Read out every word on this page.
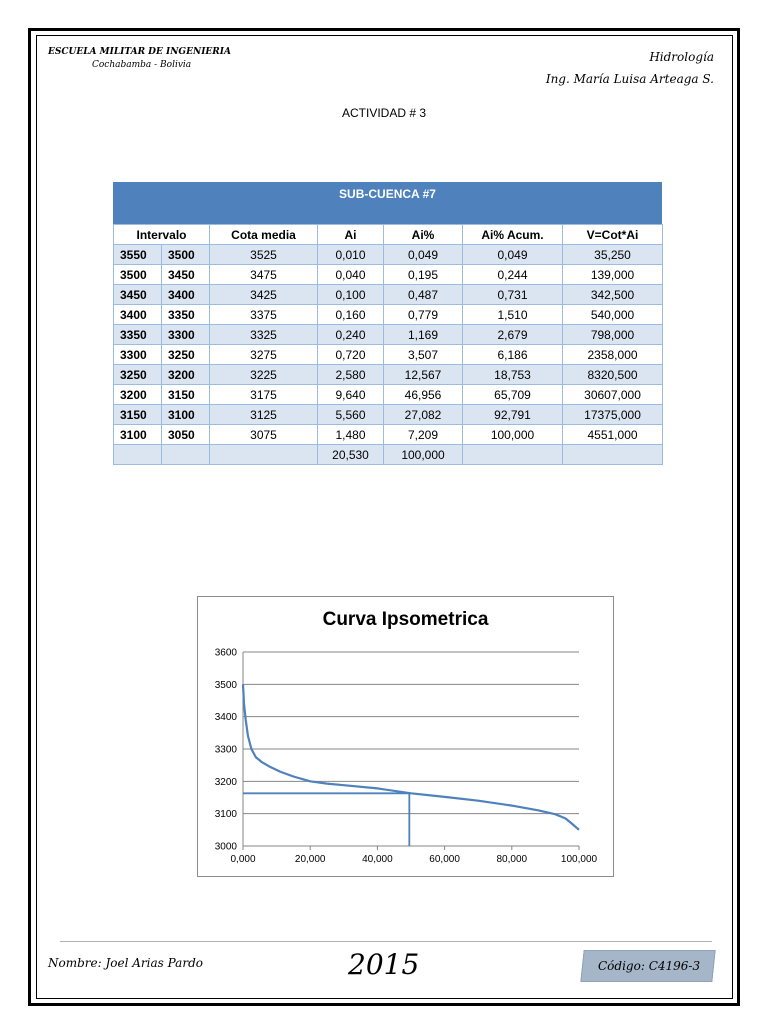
ESCUELA MILITAR DE INGENIERIA
Cochabamba - Bolivia
Hidrología
Ing. María Luisa Arteaga S.
ACTIVIDAD # 3
SUB-CUENCA #7
Intervalo		Cota media	Ai	Ai%	Ai% Acum.	V=Cot*Ai
3550	3500	3525	0,010	0,049	0,049	35,250
3500	3450	3475	0,040	0,195	0,244	139,000
3450	3400	3425	0,100	0,487	0,731	342,500
3400	3350	3375	0,160	0,779	1,510	540,000
3350	3300	3325	0,240	1,169	2,679	798,000
3300	3250	3275	0,720	3,507	6,186	2358,000
3250	3200	3225	2,580	12,567	18,753	8320,500
3200	3150	3175	9,640	46,956	65,709	30607,000
3150	3100	3125	5,560	27,082	92,791	17375,000
3100	3050	3075	1,480	7,209	100,000	4551,000
			20,530	100,000		
Curva Ipsometrica
3000
3100
3200
3300
3400
3500
3600
0,000	20,000	40,000	60,000	80,000	100,000
Nombre: Joel Arias Pardo	2015	Código: C4196-3
